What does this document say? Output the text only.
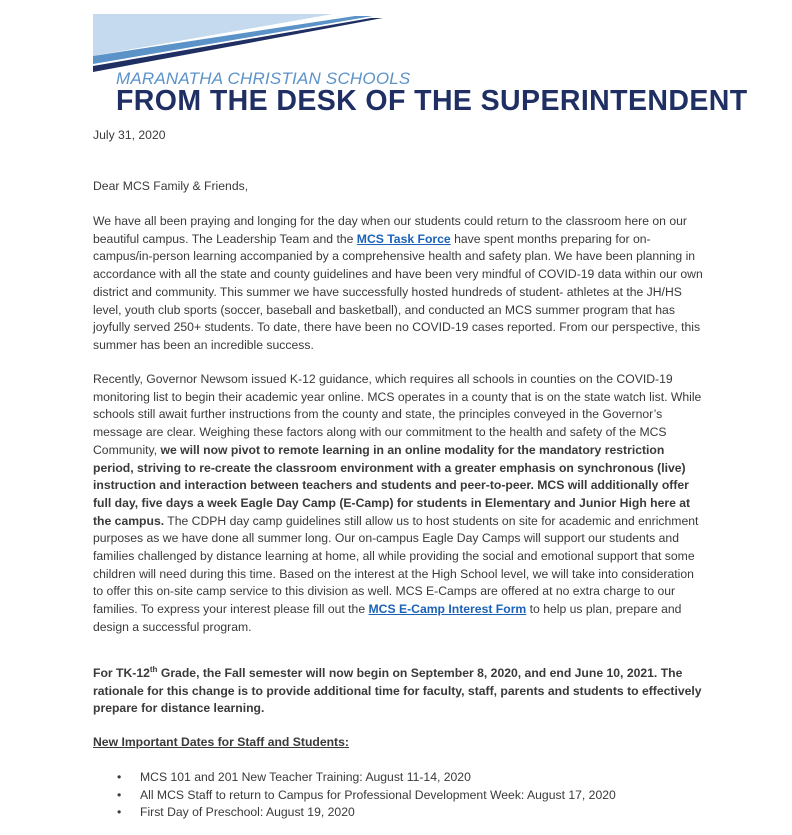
MARANATHA CHRISTIAN SCHOOLS
FROM THE DESK OF THE SUPERINTENDENT
July 31, 2020
Dear MCS Family & Friends,

We have all been praying and longing for the day when our students could return to the classroom here on our beautiful campus. The Leadership Team and the MCS Task Force have spent months preparing for on-campus/in-person learning accompanied by a comprehensive health and safety plan. We have been planning in accordance with all the state and county guidelines and have been very mindful of COVID-19 data within our own district and community. This summer we have successfully hosted hundreds of student- athletes at the JH/HS level, youth club sports (soccer, baseball and basketball), and conducted an MCS summer program that has joyfully served 250+ students. To date, there have been no COVID-19 cases reported. From our perspective, this summer has been an incredible success.

Recently, Governor Newsom issued K-12 guidance, which requires all schools in counties on the COVID-19 monitoring list to begin their academic year online. MCS operates in a county that is on the state watch list. While schools still await further instructions from the county and state, the principles conveyed in the Governor’s message are clear. Weighing these factors along with our commitment to the health and safety of the MCS Community, we will now pivot to remote learning in an online modality for the mandatory restriction period, striving to re-create the classroom environment with a greater emphasis on synchronous (live) instruction and interaction between teachers and students and peer-to-peer. MCS will additionally offer full day, five days a week Eagle Day Camp (E-Camp) for students in Elementary and Junior High here at the campus. The CDPH day camp guidelines still allow us to host students on site for academic and enrichment purposes as we have done all summer long. Our on-campus Eagle Day Camps will support our students and families challenged by distance learning at home, all while providing the social and emotional support that some children will need during this time. Based on the interest at the High School level, we will take into consideration to offer this on-site camp service to this division as well. MCS E-Camps are offered at no extra charge to our families. To express your interest please fill out the MCS E-Camp Interest Form to help us plan, prepare and design a successful program.

For TK-12th Grade, the Fall semester will now begin on September 8, 2020, and end June 10, 2021. The rationale for this change is to provide additional time for faculty, staff, parents and students to effectively prepare for distance learning.

New Important Dates for Staff and Students:
• MCS 101 and 201 New Teacher Training: August 11-14, 2020
• All MCS Staff to return to Campus for Professional Development Week: August 17, 2020
• First Day of Preschool: August 19, 2020
